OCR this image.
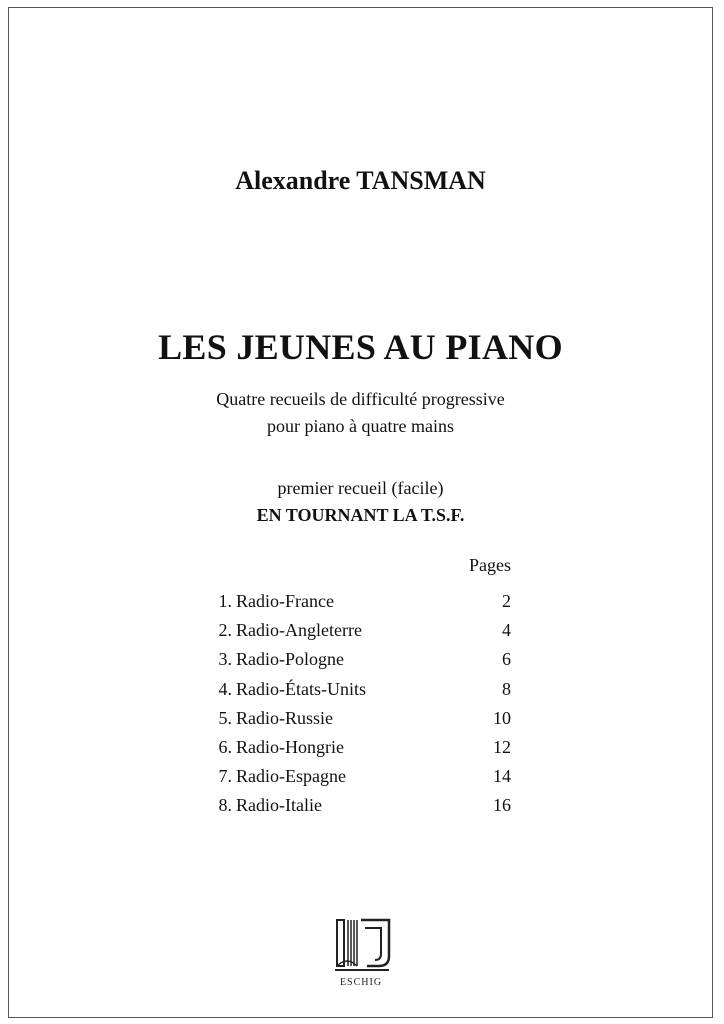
Alexandre TANSMAN
LES JEUNES AU PIANO
Quatre recueils de difficulté progressive
pour piano à quatre mains
premier recueil (facile)
EN TOURNANT LA T.S.F.
Pages
1. Radio-France	2
2. Radio-Angleterre	4
3. Radio-Pologne	6
4. Radio-États-Units	8
5. Radio-Russie	10
6. Radio-Hongrie	12
7. Radio-Espagne	14
8. Radio-Italie	16
ESCHIG
